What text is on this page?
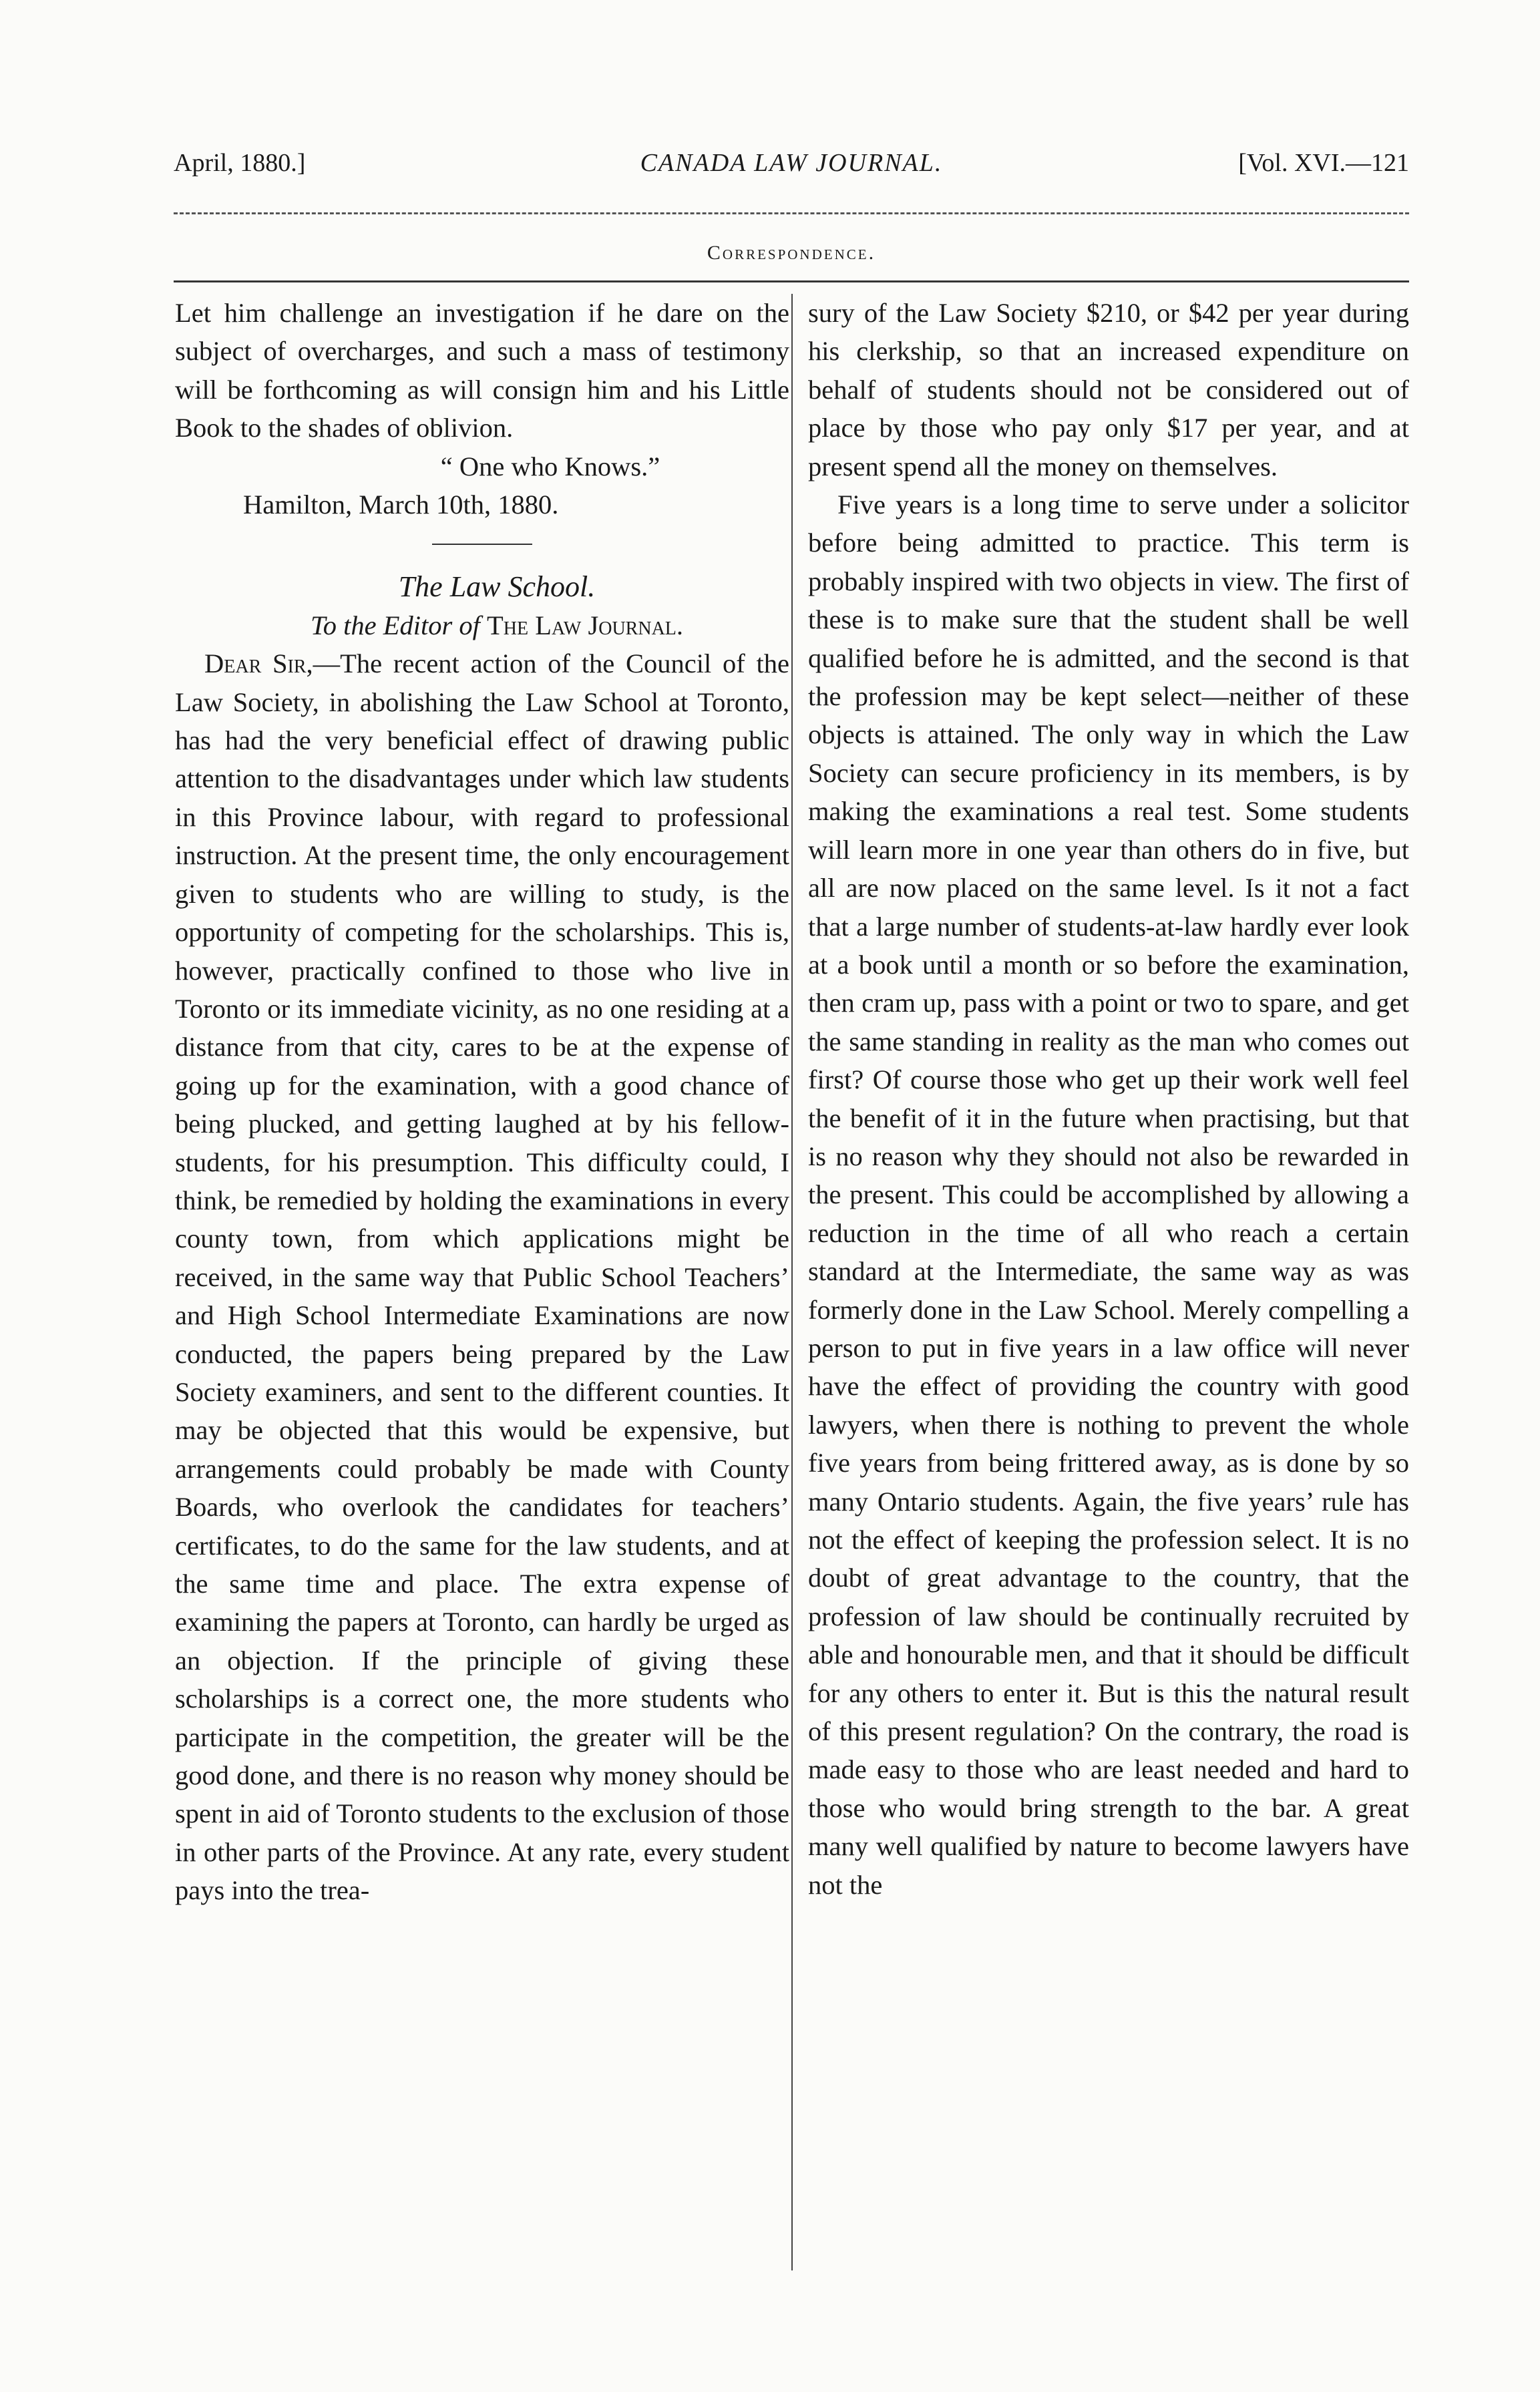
April, 1880.]	CANADA LAW JOURNAL.	[Vol. XVI.—121
Correspondence.

Let him challenge an investigation if he dare on the subject of overcharges, and such a mass of testimony will be forthcoming as will consign him and his Little Book to the shades of oblivion.

“ One who Knows.”

Hamilton, March 10th, 1880.

The Law School.

To the Editor of The Law Journal.

Dear Sir,—The recent action of the Council of the Law Society, in abolishing the Law School at Toronto, has had the very beneficial effect of drawing public attention to the disadvantages under which law students in this Province labour, with regard to professional instruction. At the present time, the only encouragement given to students who are willing to study, is the opportunity of competing for the scholarships. This is, however, practically confined to those who live in Toronto or its immediate vicinity, as no one residing at a distance from that city, cares to be at the expense of going up for the examination, with a good chance of being plucked, and getting laughed at by his fellow-students, for his presumption. This difficulty could, I think, be remedied by holding the examinations in every county town, from which applications might be received, in the same way that Public School Teachers’ and High School Intermediate Examinations are now conducted, the papers being prepared by the Law Society examiners, and sent to the different counties. It may be objected that this would be expensive, but arrangements could probably be made with County Boards, who overlook the candidates for teachers’ certificates, to do the same for the law students, and at the same time and place. The extra expense of examining the papers at Toronto, can hardly be urged as an objection. If the principle of giving these scholarships is a correct one, the more students who participate in the competition, the greater will be the good done, and there is no reason why money should be spent in aid of Toronto students to the exclusion of those in other parts of the Province. At any rate, every student pays into the trea-

sury of the Law Society $210, or $42 per year during his clerkship, so that an increased expenditure on behalf of students should not be considered out of place by those who pay only $17 per year, and at present spend all the money on themselves.

Five years is a long time to serve under a solicitor before being admitted to practice. This term is probably inspired with two objects in view. The first of these is to make sure that the student shall be well qualified before he is admitted, and the second is that the profession may be kept select—neither of these objects is attained. The only way in which the Law Society can secure proficiency in its members, is by making the examinations a real test. Some students will learn more in one year than others do in five, but all are now placed on the same level. Is it not a fact that a large number of students-at-law hardly ever look at a book until a month or so before the examination, then cram up, pass with a point or two to spare, and get the same standing in reality as the man who comes out first? Of course those who get up their work well feel the benefit of it in the future when practising, but that is no reason why they should not also be rewarded in the present. This could be accomplished by allowing a reduction in the time of all who reach a certain standard at the Intermediate, the same way as was formerly done in the Law School. Merely compelling a person to put in five years in a law office will never have the effect of providing the country with good lawyers, when there is nothing to prevent the whole five years from being frittered away, as is done by so many Ontario students. Again, the five years’ rule has not the effect of keeping the profession select. It is no doubt of great advantage to the country, that the profession of law should be continually recruited by able and honourable men, and that it should be difficult for any others to enter it. But is this the natural result of this present regulation? On the contrary, the road is made easy to those who are least needed and hard to those who would bring strength to the bar. A great many well qualified by nature to become lawyers have not the
